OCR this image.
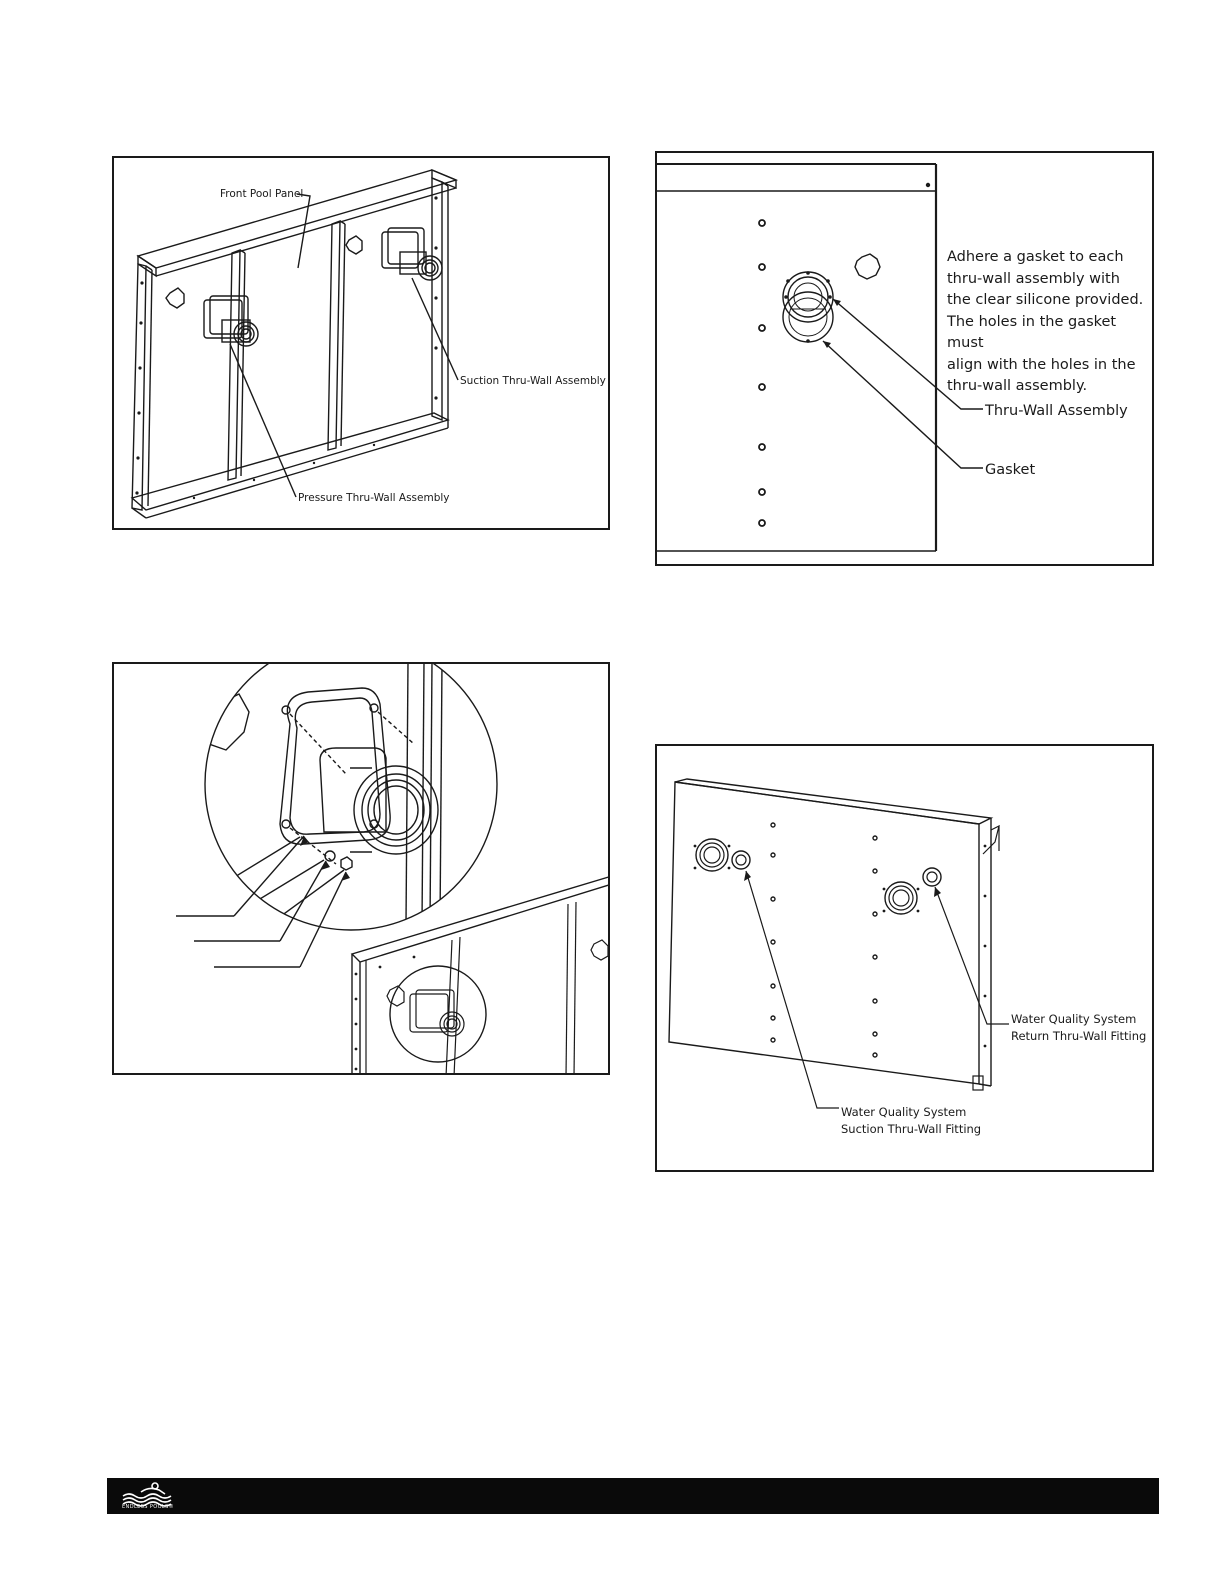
Front Pool Panel
Suction Thru-Wall Assembly
Pressure Thru-Wall Assembly
Thru-Wall Assembly
Gasket
Adhere a gasket to each
thru-wall assembly with
the clear silicone provided.
The holes in the gasket must
align with the holes in the
thru-wall assembly.
Water Quality System
Return Thru-Wall Fitting
Water Quality System
Suction Thru-Wall Fitting
ENDLESS POOLS®
